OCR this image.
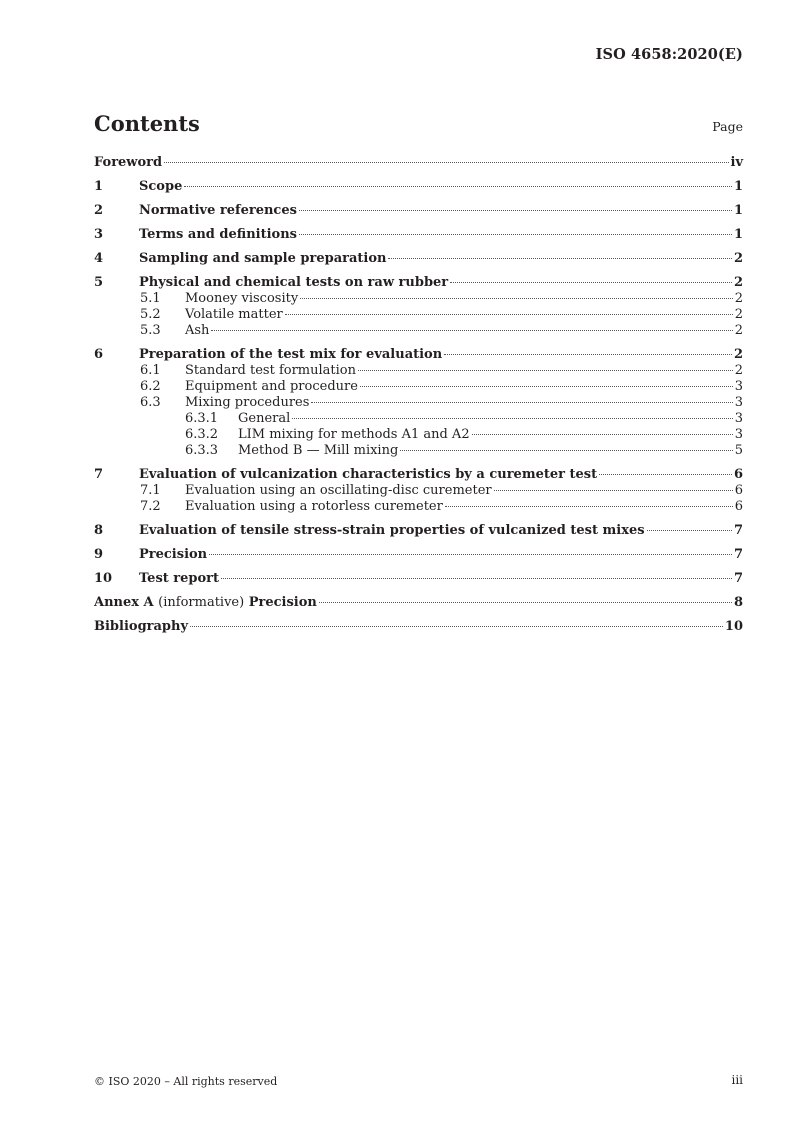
ISO 4658:2020(E)
Contents	Page
Foreword	iv
1	Scope	1
2	Normative references	1
3	Terms and definitions	1
4	Sampling and sample preparation	2
5	Physical and chemical tests on raw rubber	2
5.1	Mooney viscosity	2
5.2	Volatile matter	2
5.3	Ash	2
6	Preparation of the test mix for evaluation	2
6.1	Standard test formulation	2
6.2	Equipment and procedure	3
6.3	Mixing procedures	3
6.3.1	General	3
6.3.2	LIM mixing for methods A1 and A2	3
6.3.3	Method B — Mill mixing	5
7	Evaluation of vulcanization characteristics by a curemeter test	6
7.1	Evaluation using an oscillating-disc curemeter	6
7.2	Evaluation using a rotorless curemeter	6
8	Evaluation of tensile stress-strain properties of vulcanized test mixes	7
9	Precision	7
10	Test report	7
Annex A (informative) Precision	8
Bibliography	10
© ISO 2020 – All rights reserved	iii
